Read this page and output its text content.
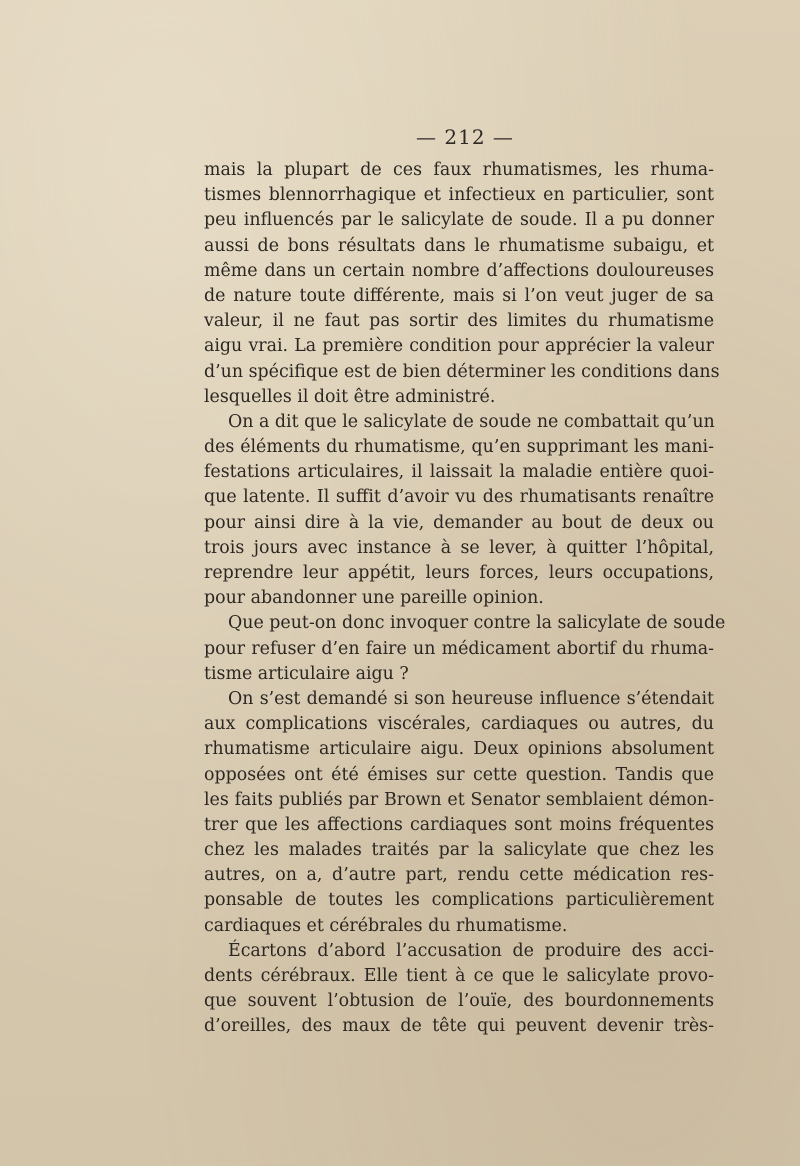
— 212 —
mais la plupart de ces faux rhumatismes, les rhuma-
tismes blennorrhagique et infectieux en particulier, sont
peu influencés par le salicylate de soude. Il a pu donner
aussi de bons résultats dans le rhumatisme subaigu, et
même dans un certain nombre d’affections douloureuses
de nature toute différente, mais si l’on veut juger de sa
valeur, il ne faut pas sortir des limites du rhumatisme
aigu vrai. La première condition pour apprécier la valeur
d’un spécifique est de bien déterminer les conditions dans
lesquelles il doit être administré.
On a dit que le salicylate de soude ne combattait qu’un
des éléments du rhumatisme, qu’en supprimant les mani-
festations articulaires, il laissait la maladie entière quoi-
que latente. Il suffit d’avoir vu des rhumatisants renaître
pour ainsi dire à la vie, demander au bout de deux ou
trois jours avec instance à se lever, à quitter l’hôpital,
reprendre leur appétit, leurs forces, leurs occupations,
pour abandonner une pareille opinion.
Que peut-on donc invoquer contre la salicylate de soude
pour refuser d’en faire un médicament abortif du rhuma-
tisme articulaire aigu ?
On s’est demandé si son heureuse influence s’étendait
aux complications viscérales, cardiaques ou autres, du
rhumatisme articulaire aigu. Deux opinions absolument
opposées ont été émises sur cette question. Tandis que
les faits publiés par Brown et Senator semblaient démon-
trer que les affections cardiaques sont moins fréquentes
chez les malades traités par la salicylate que chez les
autres, on a, d’autre part, rendu cette médication res-
ponsable de toutes les complications particulièrement
cardiaques et cérébrales du rhumatisme.
Écartons d’abord l’accusation de produire des acci-
dents cérébraux. Elle tient à ce que le salicylate provo-
que souvent l’obtusion de l’ouïe, des bourdonnements
d’oreilles, des maux de tête qui peuvent devenir très-
